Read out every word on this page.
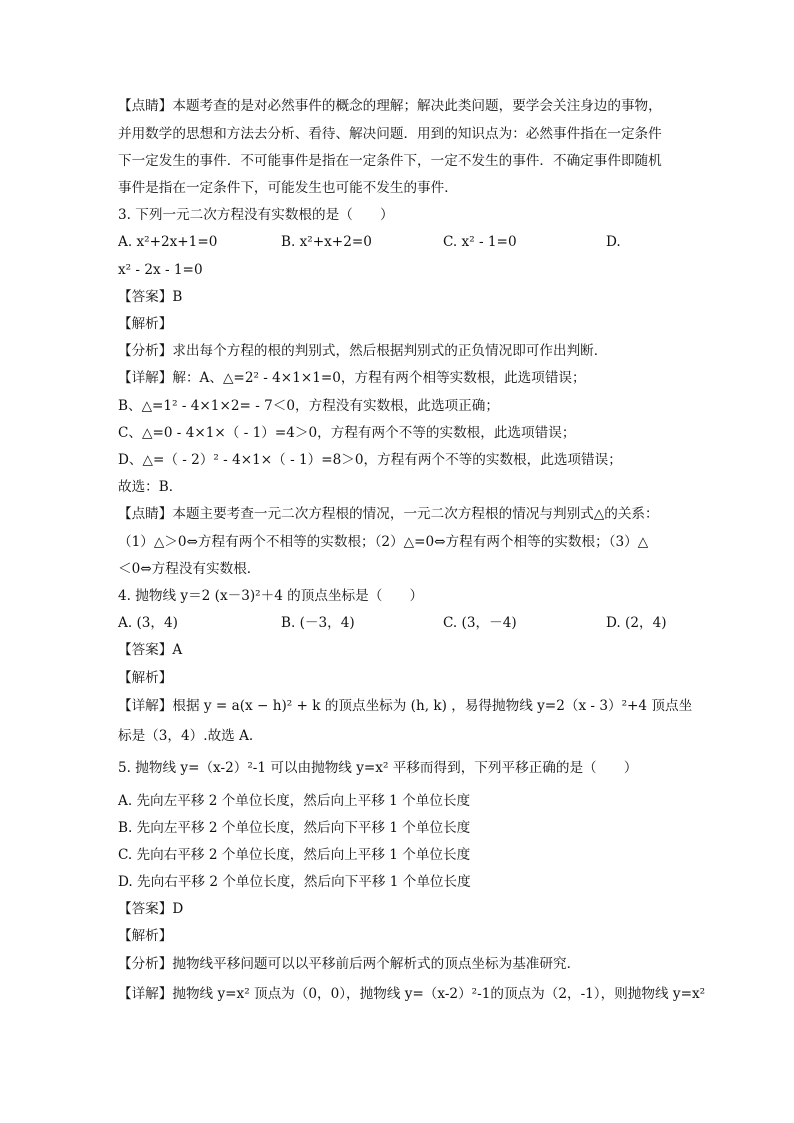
【点睛】本题考查的是对必然事件的概念的理解；解决此类问题，要学会关注身边的事物，
并用数学的思想和方法去分析、看待、解决问题．用到的知识点为：必然事件指在一定条件
下一定发生的事件．不可能事件是指在一定条件下，一定不发生的事件．不确定事件即随机
事件是指在一定条件下，可能发生也可能不发生的事件．
3. 下列一元二次方程没有实数根的是（　　）
A. x²+2x+1=0	B. x²+x+2=0	C. x² - 1=0	D.
x² - 2x - 1=0
【答案】B
【解析】
【分析】求出每个方程的根的判别式，然后根据判别式的正负情况即可作出判断．
【详解】解：A、△=2² - 4×1×1=0，方程有两个相等实数根，此选项错误；
B、△=1² - 4×1×2= - 7＜0，方程没有实数根，此选项正确；
C、△=0 - 4×1×（ - 1）=4＞0，方程有两个不等的实数根，此选项错误；
D、△=（ - 2）² - 4×1×（ - 1）=8＞0，方程有两个不等的实数根，此选项错误；
故选：B．
【点睛】本题主要考查一元二次方程根的情况，一元二次方程根的情况与判别式△的关系：
（1）△＞0⇔方程有两个不相等的实数根；（2）△=0⇔方程有两个相等的实数根；（3）△
＜0⇔方程没有实数根．
4. 抛物线 y＝2 (x－3)²＋4 的顶点坐标是（　　）
A. (3，4)	B. (－3，4)	C. (3，－4)	D. (2，4)
【答案】A
【解析】
【详解】根据 y = a(x − h)² + k 的顶点坐标为 (h, k) ，易得抛物线 y=2（x - 3）²+4 顶点坐
标是（3，4）.故选 A.
5. 抛物线 y=（x-2）²-1 可以由抛物线 y=x² 平移而得到，下列平移正确的是（　　）
A. 先向左平移 2 个单位长度，然后向上平移 1 个单位长度
B. 先向左平移 2 个单位长度，然后向下平移 1 个单位长度
C. 先向右平移 2 个单位长度，然后向上平移 1 个单位长度
D. 先向右平移 2 个单位长度，然后向下平移 1 个单位长度
【答案】D
【解析】
【分析】抛物线平移问题可以以平移前后两个解析式的顶点坐标为基准研究．
【详解】抛物线 y=x² 顶点为（0，0），抛物线 y=（x-2）²-1的顶点为（2，-1），则抛物线 y=x²
